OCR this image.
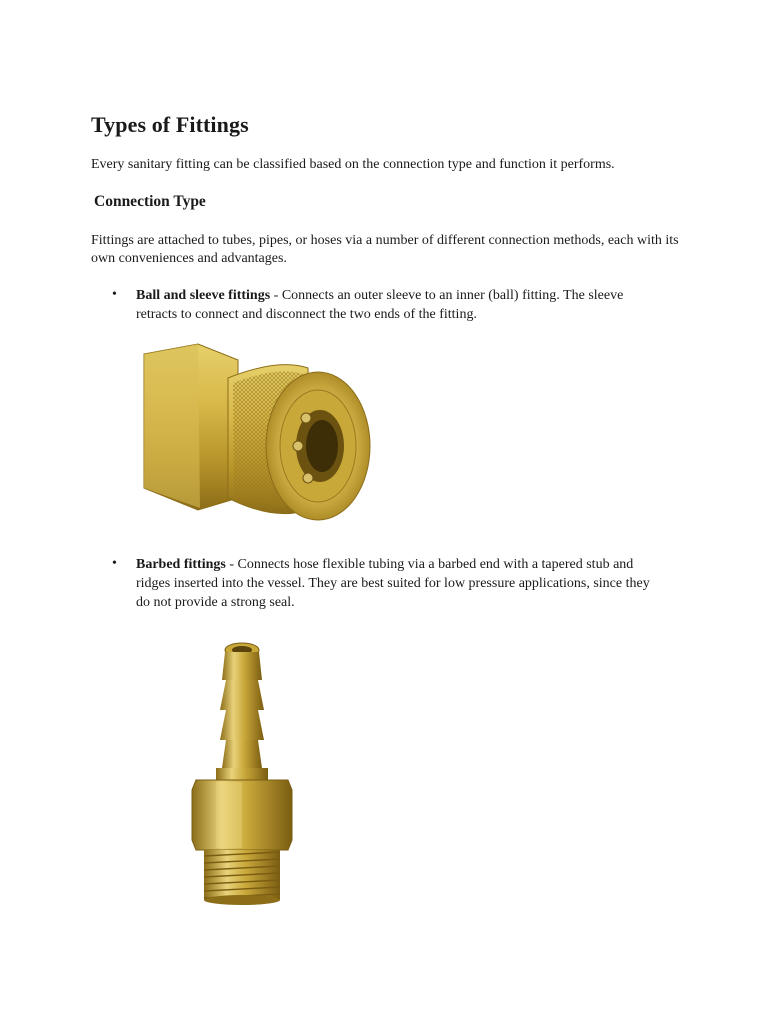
Types of Fittings

Every sanitary fitting can be classified based on the connection type and function it performs.

Connection Type

Fittings are attached to tubes, pipes, or hoses via a number of different connection methods, each with its own conveniences and advantages.

• Ball and sleeve fittings - Connects an outer sleeve to an inner (ball) fitting. The sleeve retracts to connect and disconnect the two ends of the fitting.
• Barbed fittings - Connects hose flexible tubing via a barbed end with a tapered stub and ridges inserted into the vessel. They are best suited for low pressure applications, since they do not provide a strong seal.
